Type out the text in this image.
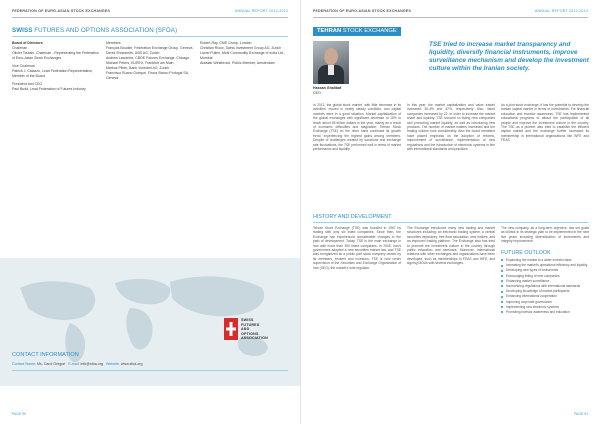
FEDERATION OF EURO-ASIAN STOCK EXCHANGES	ANNUAL REPORT 2012-2013
SWISS FUTURES AND OPTIONS ASSOCIATION (SFOA)
Board of Directors
Chairman
Olivier Toutain, Chairman - Representing the Federation of Euro-Asian Stock Exchanges
Vice Chairman
Patrick J. Caiazzo, Lead Federation Representative, Member of the Board
President and CEO
Paul Budd, Lead Federation of Futures Industry
Members
François Boudier, Federation Exchange Group, Geneva
Derek Shoesmith, UBS AG, Zurich
Andrew Lacombe, CBOE Futures Exchange, Chicago
Michael Peters, EUREX, Frankfurt am Main
Markus Pliner, Bank Vontobel AG, Zurich
Francisco Ruano Gueque, Fincor Banco Portugal SA, Geneva
Robert Ray, CME Group, London
Christian Rioux, Swiss Investment Group AG, Zurich
Lionel Pullen, Multi Commodity Exchange of India Ltd., Mumbai
Alaistair Westbrook, Public Member, Amsterdam
SWISS
FUTURES
AND
OPTIONS
ASSOCIATION
CONTACT INFORMATION
Contact Name: Ms. Carol Gregori E-mail: info@sfoa.org Website: www.sfoa.org
PAGE 90
FEDERATION OF EURO-ASIAN STOCK EXCHANGES	ANNUAL REPORT 2012-2013
TEHRAN STOCK EXCHANGE
Hassan Ghalibaf
CEO
TSE tried to increase market transparency and liquidity, diversify financial instruments, improve surveillance mechanism and develop the investment culture within the Iranian society.
In 2012, the global stock market, with little decrease in its activities, moved in nearly steady condition, and capital markets were in a good situation. Market capitalization of the global exchanges with significant decrease of 15% to reach about 55 trillion dollars in the year, mainly as a result of economic difficulties and stagnation. Tehran Stock Exchange (TSE) on the other hand continued its growth trend, experiencing the highest gains among members. Despite of challenges created by sanctions and exchange rate fluctuations, the TSE performed well in terms of market performance and liquidity.
In this year, the market capitalization and value traded increased 36.4% and 47%, respectively. Also, listed companies increased by 22. In order to increase the market share and liquidity, TSE focused on listing new companies and promoting market liquidity, as well as introducing new products. The number of market makers increased and the trading volume rose considerably. Also the board members have placed emphasis on the adoption of reforms, improvement of surveillance, implementation of new regulations and the introduction of electronic systems in line with international standards and practices.
As a joint stock exchange, it has the potential to develop the Iranian capital market in terms of investments. For financial education and investor awareness, TSE has implemented educational programs to attract the participation of all people and improve the investment culture in the country. The TSE as a pioneer also tried to establish the efficient capital market and the exchange further increased its membership in international organizations like WFE and FEAS.
HISTORY AND DEVELOPMENT
Tehran Stock Exchange (TSE) was founded in 1967 by trading with only six listed companies. Since then, the Exchange has experienced considerable changes in the path of development. Today, TSE is the main exchange in Iran with more than 300 listed companies. In 2005, Iran's government adopted a new securities market law, and TSE was reorganized as a public joint stock company owned by its members, brokers and investors. TSE is now under supervision of the Securities and Exchange Organization of Iran (SEO), the market's sole regulator.
The Exchange introduced many new trading and market structures including: an electronic trading system, a central securities depository, free float calculation, new indices, and an improved trading platform. The Exchange also has tried to promote the investment culture in the country through public education and seminars. Moreover, international relations with other exchanges and organizations have been developed, such as memberships in FEAS and WFE, and signing MOUs with several exchanges.
The new company, as a long-term objective, has set goals as follows in its strategic plan to be implemented in the next five years including diversification of instruments and integrity improvement.
FUTURE OUTLOOK
Expanding the market to a wider investor base
Increasing the market's operational efficiency and liquidity
Developing new types of instruments
Encouraging listing of new companies
Enhancing market surveillance
Harmonizing regulations with international standards
Developing knowledge of market participants
Enhancing international cooperation
Improving corporate governance
Implementing new electronic systems
Promoting investor awareness and education
PAGE 91
